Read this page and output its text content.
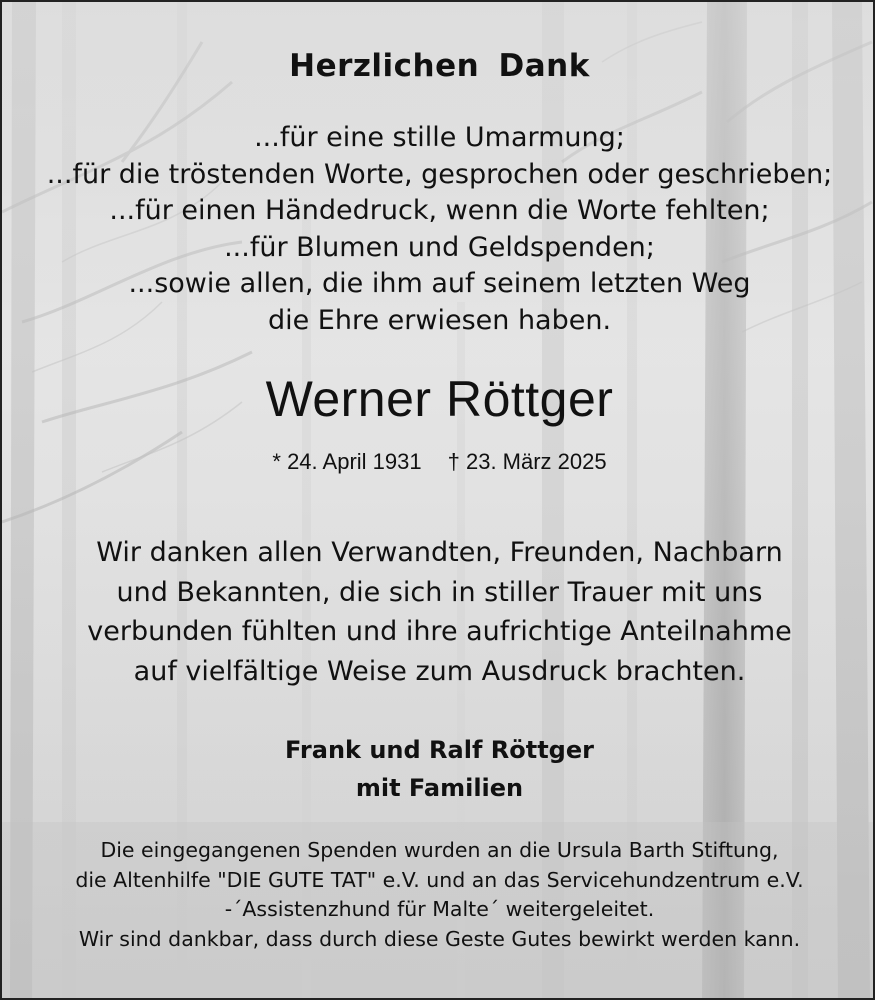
Herzlichen Dank
...für eine stille Umarmung;
...für die tröstenden Worte, gesprochen oder geschrieben;
...für einen Händedruck, wenn die Worte fehlten;
...für Blumen und Geldspenden;
...sowie allen, die ihm auf seinem letzten Weg
die Ehre erwiesen haben.
Werner Röttger
* 24. April 1931 † 23. März 2025
Wir danken allen Verwandten, Freunden, Nachbarn
und Bekannten, die sich in stiller Trauer mit uns
verbunden fühlten und ihre aufrichtige Anteilnahme
auf vielfältige Weise zum Ausdruck brachten.
Frank und Ralf Röttger
mit Familien
Die eingegangenen Spenden wurden an die Ursula Barth Stiftung,
die Altenhilfe "DIE GUTE TAT" e.V. und an das Servicehundzentrum e.V.
-´Assistenzhund für Malte´ weitergeleitet.
Wir sind dankbar, dass durch diese Geste Gutes bewirkt werden kann.
